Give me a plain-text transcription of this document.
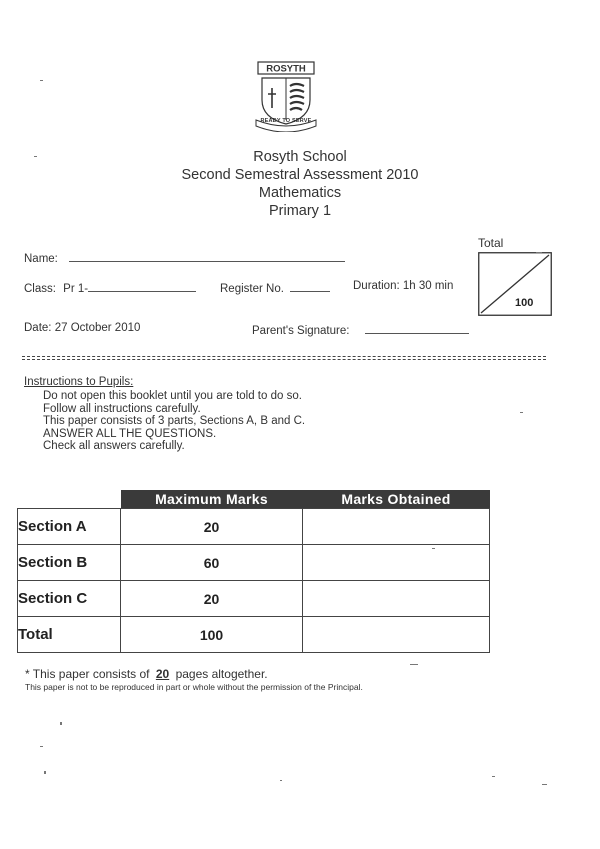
ROSYTH
READY TO SERVE
Rosyth School
Second Semestral Assessment 2010
Mathematics
Primary 1
Name:
Class: Pr 1-	Register No.	Duration: 1h 30 min
Date: 27 October 2010	Parent's Signature:
Total
100
Instructions to Pupils:
Do not open this booklet until you are told to do so.
Follow all instructions carefully.
This paper consists of 3 parts, Sections A, B and C.
ANSWER ALL THE QUESTIONS.
Check all answers carefully.
	Maximum Marks	Marks Obtained
Section A	20	
Section B	60	
Section C	20	
Total	100	
* This paper consists of 20 pages altogether.
This paper is not to be reproduced in part or whole without the permission of the Principal.
